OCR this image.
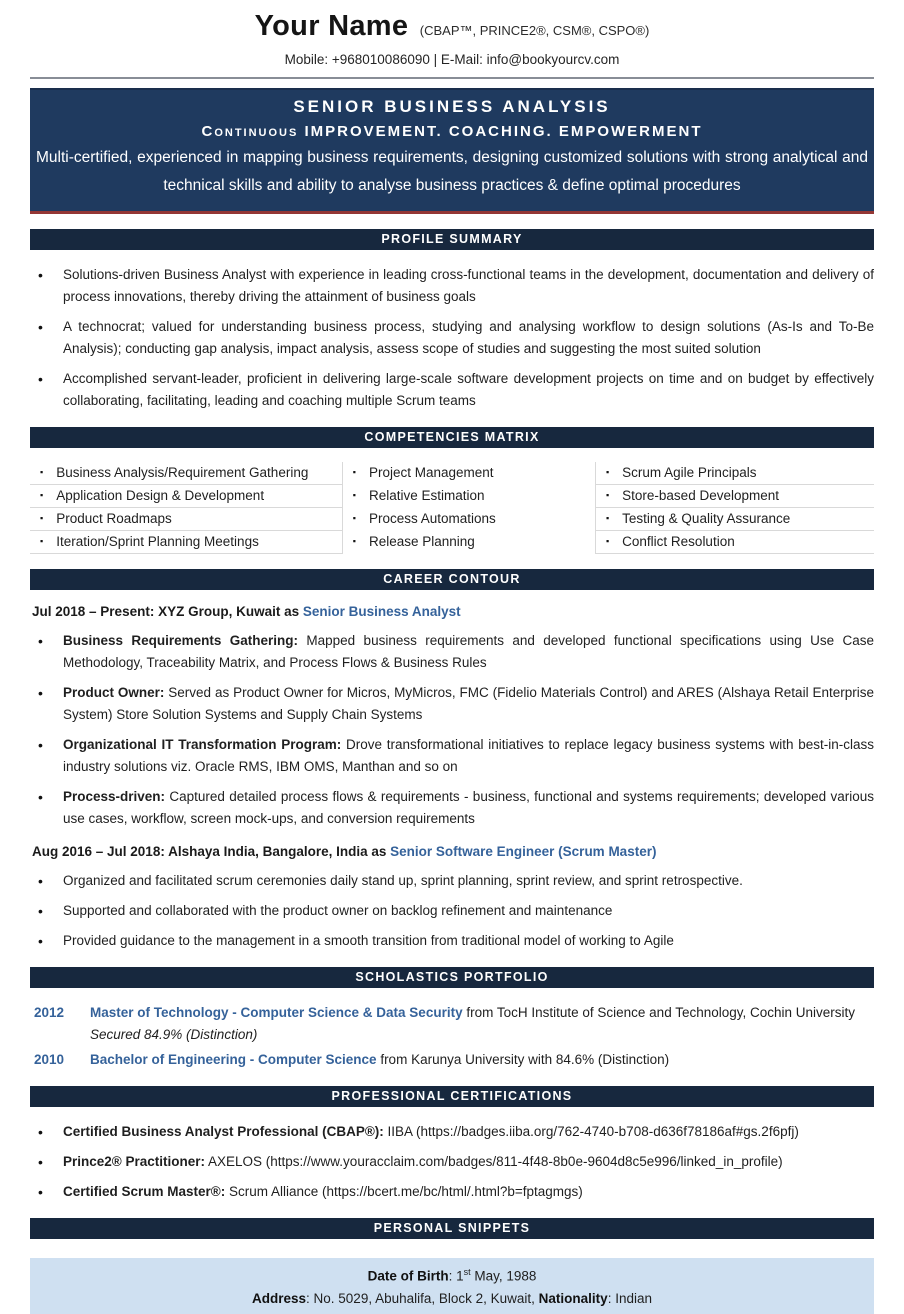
Your Name (CBAP™, PRINCE2®, CSM®, CSPO®)
Mobile: +968010086090 | E-Mail: info@bookyourcv.com
SENIOR BUSINESS ANALYSIS
Continuous IMPROVEMENT. COACHING. EMPOWERMENT
Multi-certified, experienced in mapping business requirements, designing customized solutions with strong analytical and technical skills and ability to analyse business practices & define optimal procedures
PROFILE SUMMARY
•	Solutions-driven Business Analyst with experience in leading cross-functional teams in the development, documentation and delivery of process innovations, thereby driving the attainment of business goals
•	A technocrat; valued for understanding business process, studying and analysing workflow to design solutions (As-Is and To-Be Analysis); conducting gap analysis, impact analysis, assess scope of studies and suggesting the most suited solution
•	Accomplished servant-leader, proficient in delivering large-scale software development projects on time and on budget by effectively collaborating, facilitating, leading and coaching multiple Scrum teams
COMPETENCIES MATRIX
▪ Business Analysis/Requirement Gathering	▪ Project Management	▪ Scrum Agile Principals
▪ Application Design & Development	▪ Relative Estimation	▪ Store-based Development
▪ Product Roadmaps	▪ Process Automations	▪ Testing & Quality Assurance
▪ Iteration/Sprint Planning Meetings	▪ Release Planning	▪ Conflict Resolution
CAREER CONTOUR
Jul 2018 – Present: XYZ Group, Kuwait as Senior Business Analyst
•	Business Requirements Gathering: Mapped business requirements and developed functional specifications using Use Case Methodology, Traceability Matrix, and Process Flows & Business Rules
•	Product Owner: Served as Product Owner for Micros, MyMicros, FMC (Fidelio Materials Control) and ARES (Alshaya Retail Enterprise System) Store Solution Systems and Supply Chain Systems
•	Organizational IT Transformation Program: Drove transformational initiatives to replace legacy business systems with best-in-class industry solutions viz. Oracle RMS, IBM OMS, Manthan and so on
•	Process-driven: Captured detailed process flows & requirements - business, functional and systems requirements; developed various use cases, workflow, screen mock-ups, and conversion requirements
Aug 2016 – Jul 2018: Alshaya India, Bangalore, India as Senior Software Engineer (Scrum Master)
•	Organized and facilitated scrum ceremonies daily stand up, sprint planning, sprint review, and sprint retrospective.
•	Supported and collaborated with the product owner on backlog refinement and maintenance
•	Provided guidance to the management in a smooth transition from traditional model of working to Agile
SCHOLASTICS PORTFOLIO
2012	Master of Technology - Computer Science & Data Security from TocH Institute of Science and Technology, Cochin University
Secured 84.9% (Distinction)
2010	Bachelor of Engineering - Computer Science from Karunya University with 84.6% (Distinction)
PROFESSIONAL CERTIFICATIONS
•	Certified Business Analyst Professional (CBAP®): IIBA (https://badges.iiba.org/762-4740-b708-d636f78186af#gs.2f6pfj)
•	Prince2® Practitioner: AXELOS (https://www.youracclaim.com/badges/811-4f48-8b0e-9604d8c5e996/linked_in_profile)
•	Certified Scrum Master®: Scrum Alliance (https://bcert.me/bc/html/.html?b=fptagmgs)
PERSONAL SNIPPETS
Date of Birth: 1st May, 1988
Address: No. 5029, Abuhalifa, Block 2, Kuwait, Nationality: Indian
